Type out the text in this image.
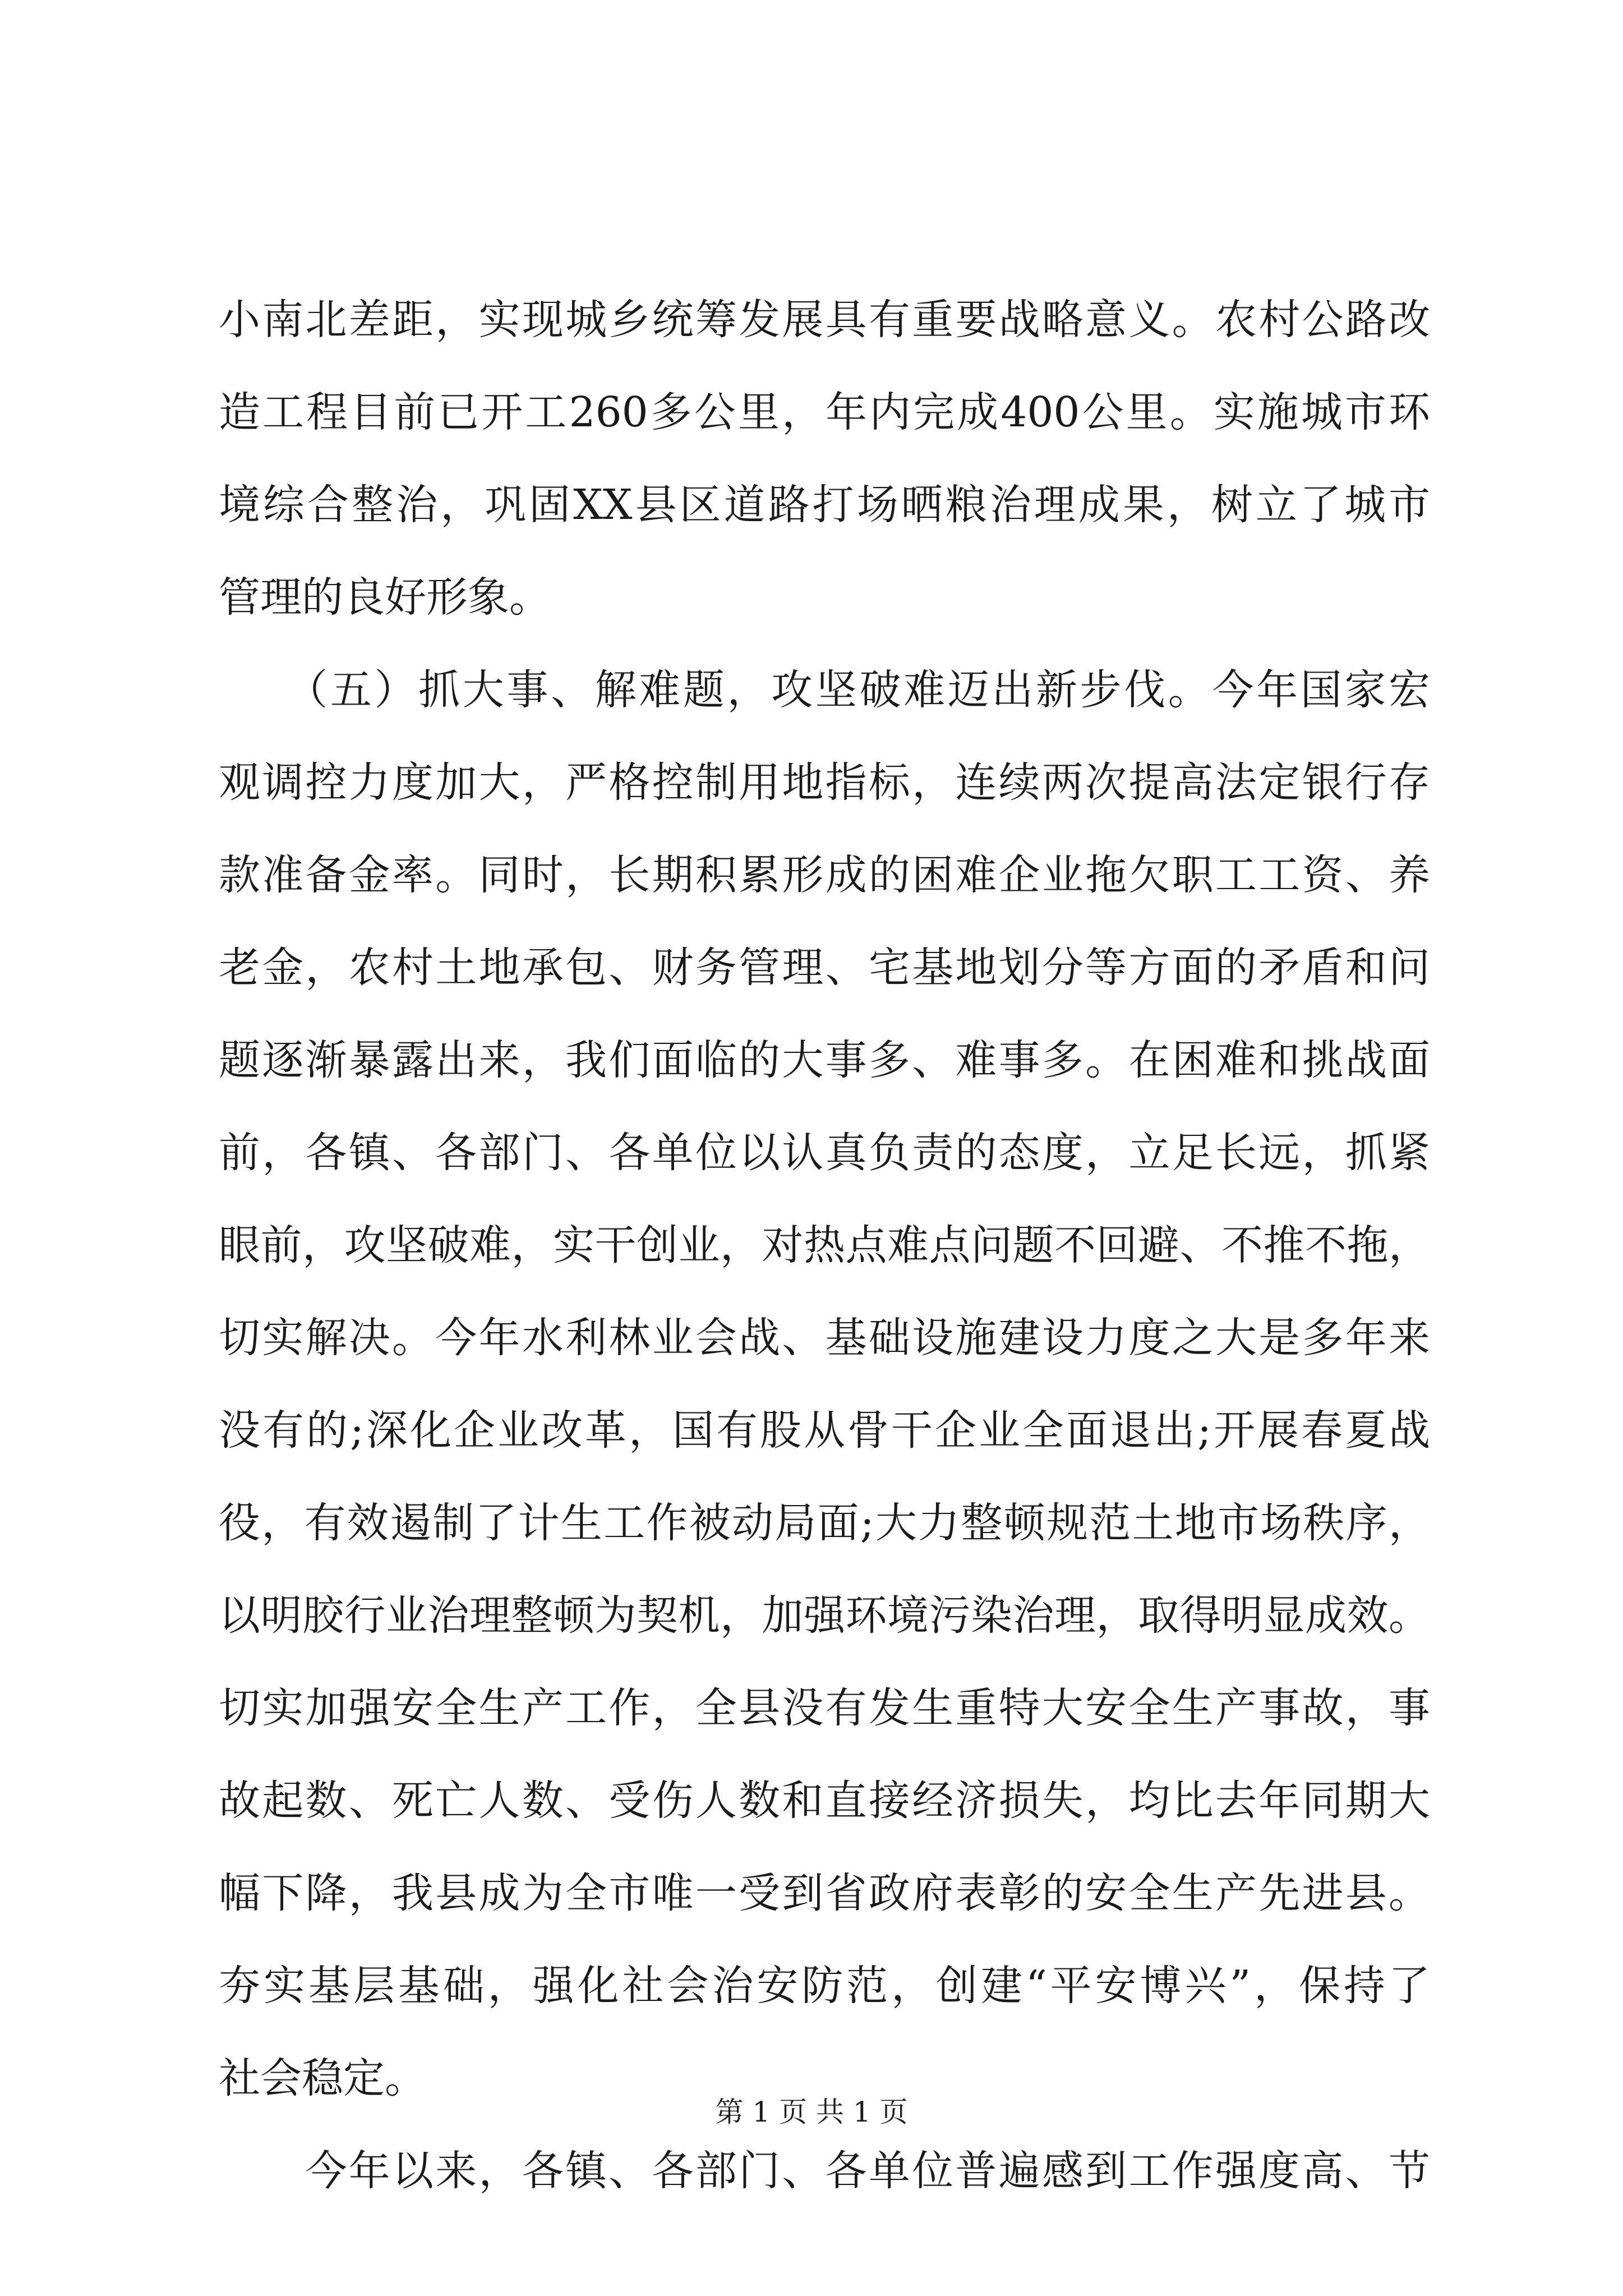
小南北差距，实现城乡统筹发展具有重要战略意义。农村公路改
造工程目前已开工260多公里，年内完成400公里。实施城市环
境综合整治，巩固XX县区道路打场晒粮治理成果，树立了城市
管理的良好形象。
　　（五）抓大事、解难题，攻坚破难迈出新步伐。今年国家宏
观调控力度加大，严格控制用地指标，连续两次提高法定银行存
款准备金率。同时，长期积累形成的困难企业拖欠职工工资、养
老金，农村土地承包、财务管理、宅基地划分等方面的矛盾和问
题逐渐暴露出来，我们面临的大事多、难事多。在困难和挑战面
前，各镇、各部门、各单位以认真负责的态度，立足长远，抓紧
眼前，攻坚破难，实干创业，对热点难点问题不回避、不推不拖，
切实解决。今年水利林业会战、基础设施建设力度之大是多年来
没有的;深化企业改革，国有股从骨干企业全面退出;开展春夏战
役，有效遏制了计生工作被动局面;大力整顿规范土地市场秩序，
以明胶行业治理整顿为契机，加强环境污染治理，取得明显成效。
切实加强安全生产工作，全县没有发生重特大安全生产事故，事
故起数、死亡人数、受伤人数和直接经济损失，均比去年同期大
幅下降，我县成为全市唯一受到省政府表彰的安全生产先进县。
夯实基层基础，强化社会治安防范，创建“平安博兴”，保持了
社会稳定。
　　今年以来，各镇、各部门、各单位普遍感到工作强度高、节
第 1 页 共 1 页
